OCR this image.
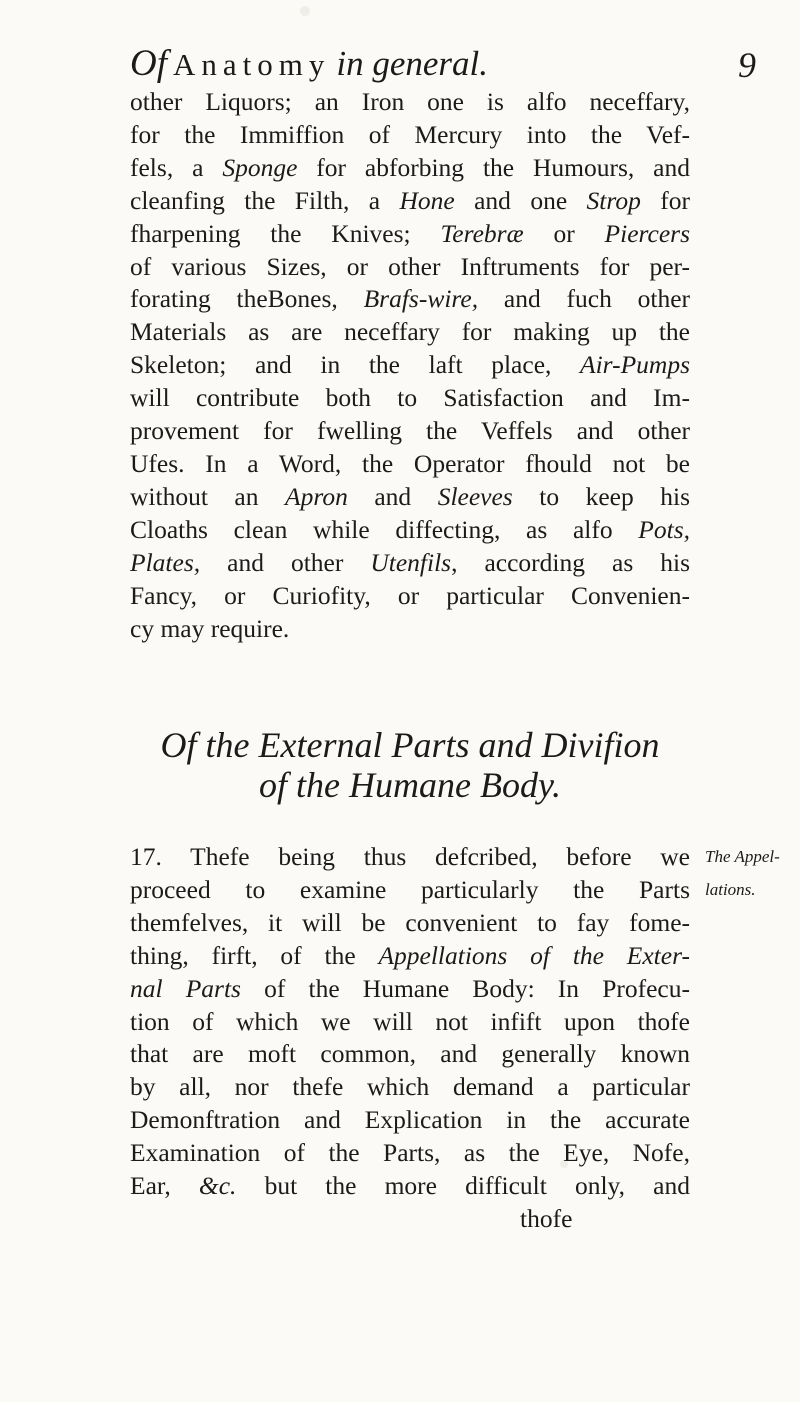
Of Anatomy in general.	9
other Liquors; an Iron one is alfo neceffary,
for the Immiffion of Mercury into the Vef-
fels, a Sponge for abforbing the Humours, and
cleanfing the Filth, a Hone and one Strop for
fharpening the Knives; Terebræ or Piercers
of various Sizes, or other Inftruments for per-
forating theBones, Brafs-wire, and fuch other
Materials as are neceffary for making up the
Skeleton; and in the laft place, Air-Pumps
will contribute both to Satisfaction and Im-
provement for fwelling the Veffels and other
Ufes. In a Word, the Operator fhould not be
without an Apron and Sleeves to keep his
Cloaths clean while diffecting, as alfo Pots,
Plates, and other Utenfils, according as his
Fancy, or Curiofity, or particular Convenien-
cy may require.
Of the External Parts and Divifion
of the Humane Body.
17. Thefe being thus defcribed, before we
proceed to examine particularly the Parts
themfelves, it will be convenient to fay fome-
thing, firft, of the Appellations of the Exter-
nal Parts of the Humane Body: In Profecu-
tion of which we will not infift upon thofe
that are moft common, and generally known
by all, nor thefe which demand a particular
Demonftration and Explication in the accurate
Examination of the Parts, as the Eye, Nofe,
Ear, &c. but the more difficult only, and
thofe
The Appel-
lations.
